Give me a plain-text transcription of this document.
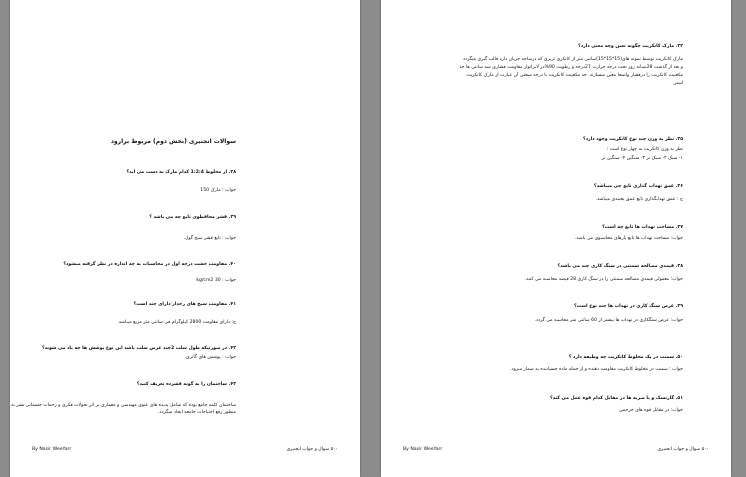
سوالات انجنیری (بخش دوم) مربوط برارود
۳۸. از مخلوط 1:2:4 کدام مارک به دست می اید؟
جواب : مارک 150
۳۹. قشر محافظوی تابع چه می باشد ؟
جواب : تابع قشر سیخ گول.
۴۰. مقاومت خشت درجه اول در محاسبات به چه اندازه در نظر گرفته میشود؟
جواب : 30 kg/cm2
۴۱. مقاومت سیخ های رخدار دارای چند است؟
ج: دارای مقاومت 2800 کیلوگرام فی سانتی متر مربع میباشد.
۴۲. در صورتیکه طول سلب 2چند عرض سلب باشد این نوع پوشش ها چه یاد می شوند؟
جواب : پوشش های گاتری.
۴۳. ساختمان را به گونه فشرده تعریف کنید؟
ساختمان کلمه جامع بوده که شامل پدیده های عنوی مهندسی و معماری بر اثر تحولات فکری و زحمات جسمانی بشر به
منظور رفع احتیاجات جامعه ایجاد میگردد.
By Nasir WeeYarr	۵۰۰ سوال و جواب انجنیری
۳۲. مارک کانکریت چگونه تعین وچه معنی دارد؟
مارک کانکریت توسط نمونه های(15*15*15)سانتی متر از کانکری تریزی که درساحه جریان دارد قالب گیری میگردد
و بعد از گذشت 28شبانه روز تحت درجه حرارت 27درجه و رطوبت 90%در لابراتوار مقاومت فشاری سه سانتی ها حد
مکعبیت کانکریت را درفشار واضحا معین میسازند. حد مکعبیت کانکریت با درجه سختی آن عبارت از مارک کانکریت
استر.
۳۵. نظر به وزن چند نوع کانکریت وجود دارد؟
نظر به وزن کانکریت به چهار نوع است :
۱- سبک ۲- سبک تر ۳- سنگین ۴- سنگین تر
۳۶. عمق تهداب گذاری تابع چی میباشد؟
ج : عمق تهدابگذاری تابع عمق یخبندی میباشد.
۳۷. مساحت تهداب ها تابع چه است؟
جواب: مساحت تهداب ها تابع بارهای محاسبوی می باشد.
۳۸. قیمدی مصالحه سمنتی در سنگ کاری چند می باشد؟
جواب: معمولی قیمدی مصالحه سمنتی را در سنگ کاری 28 فیصد محاسبه می کنند.
۳۹. عرض سنگ کاری در تهداب ها چند نوع است؟
جواب: عرض سنگکاری در تهداب ها بیشتر از 60 سانتی متر محاسبه می گردد.
۵۰. سمنت در یک مخلوط کانکریت چه وظیفه دارد ؟
جواب : سمنت در مخلوط کانکریت مقاومت دهنده و از جمله ماده چسپاننده به شمار میرود.
۵۱. گارنسک و یا ضربه ها در مقابل کدام قوه عمل می کند؟
جواب: در مقابل قوه های حرجمی
By Nasir WeeYarr	۵۰۰ سوال و جواب انجنیری
